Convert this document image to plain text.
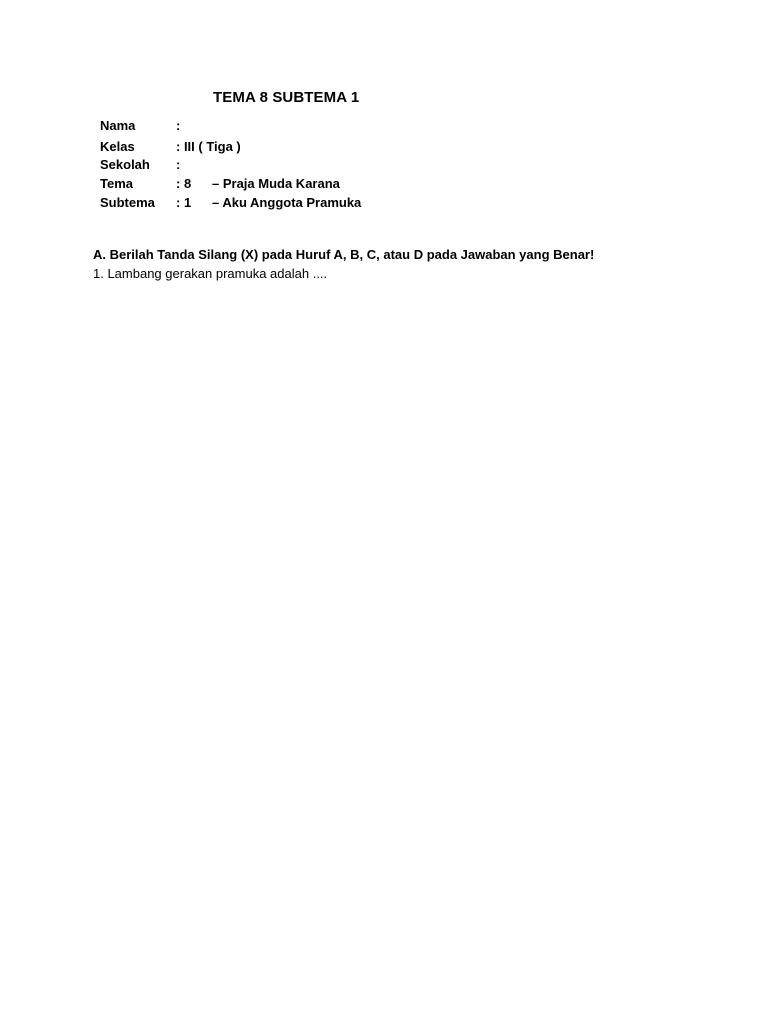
TEMA 8 SUBTEMA 1
Nama	:
Kelas	: III ( Tiga )
Sekolah :
Tema	: 8 – Praja Muda Karana
Subtema : 1 – Aku Anggota Pramuka
A. Berilah Tanda Silang (X) pada Huruf A, B, C, atau D pada Jawaban yang Benar!
1. Lambang gerakan pramuka adalah ....
